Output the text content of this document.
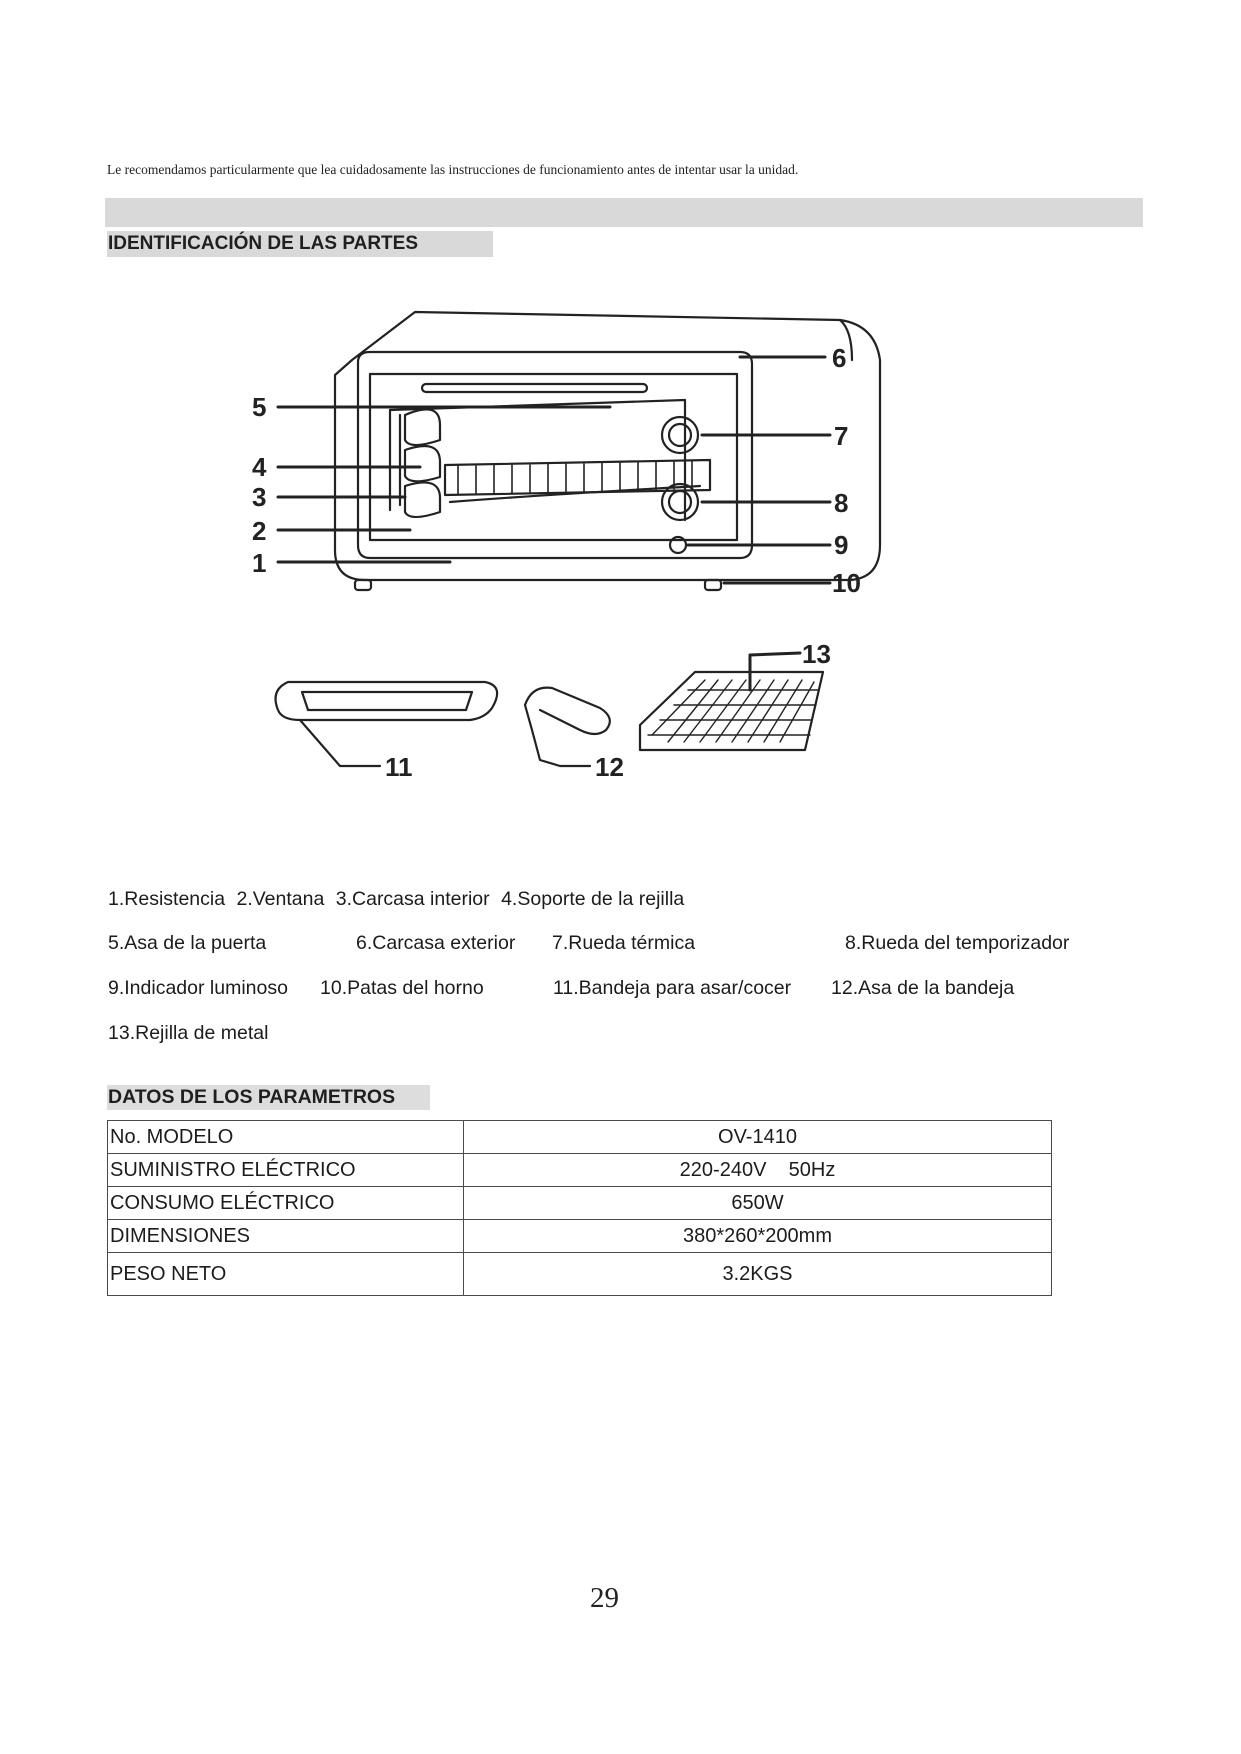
Le recomendamos particularmente que lea cuidadosamente las instrucciones de funcionamiento antes de intentar usar la unidad.
IDENTIFICACIÓN DE LAS PARTES
5
4
3
2
1
6
7
8
9
10
11	12
13
1.Resistencia 2.Ventana 3.Carcasa interior 4.Soporte de la rejilla
5.Asa de la puerta	6.Carcasa exterior 7.Rueda térmica	8.Rueda del temporizador
9.Indicador luminoso 10.Patas del horno	11.Bandeja para asar/cocer 12.Asa de la bandeja
13.Rejilla de metal
DATOS DE LOS PARAMETROS
No. MODELO	OV-1410
SUMINISTRO ELÉCTRICO	220-240V    50Hz
CONSUMO ELÉCTRICO	650W
DIMENSIONES	380*260*200mm
PESO NETO	3.2KGS
29
